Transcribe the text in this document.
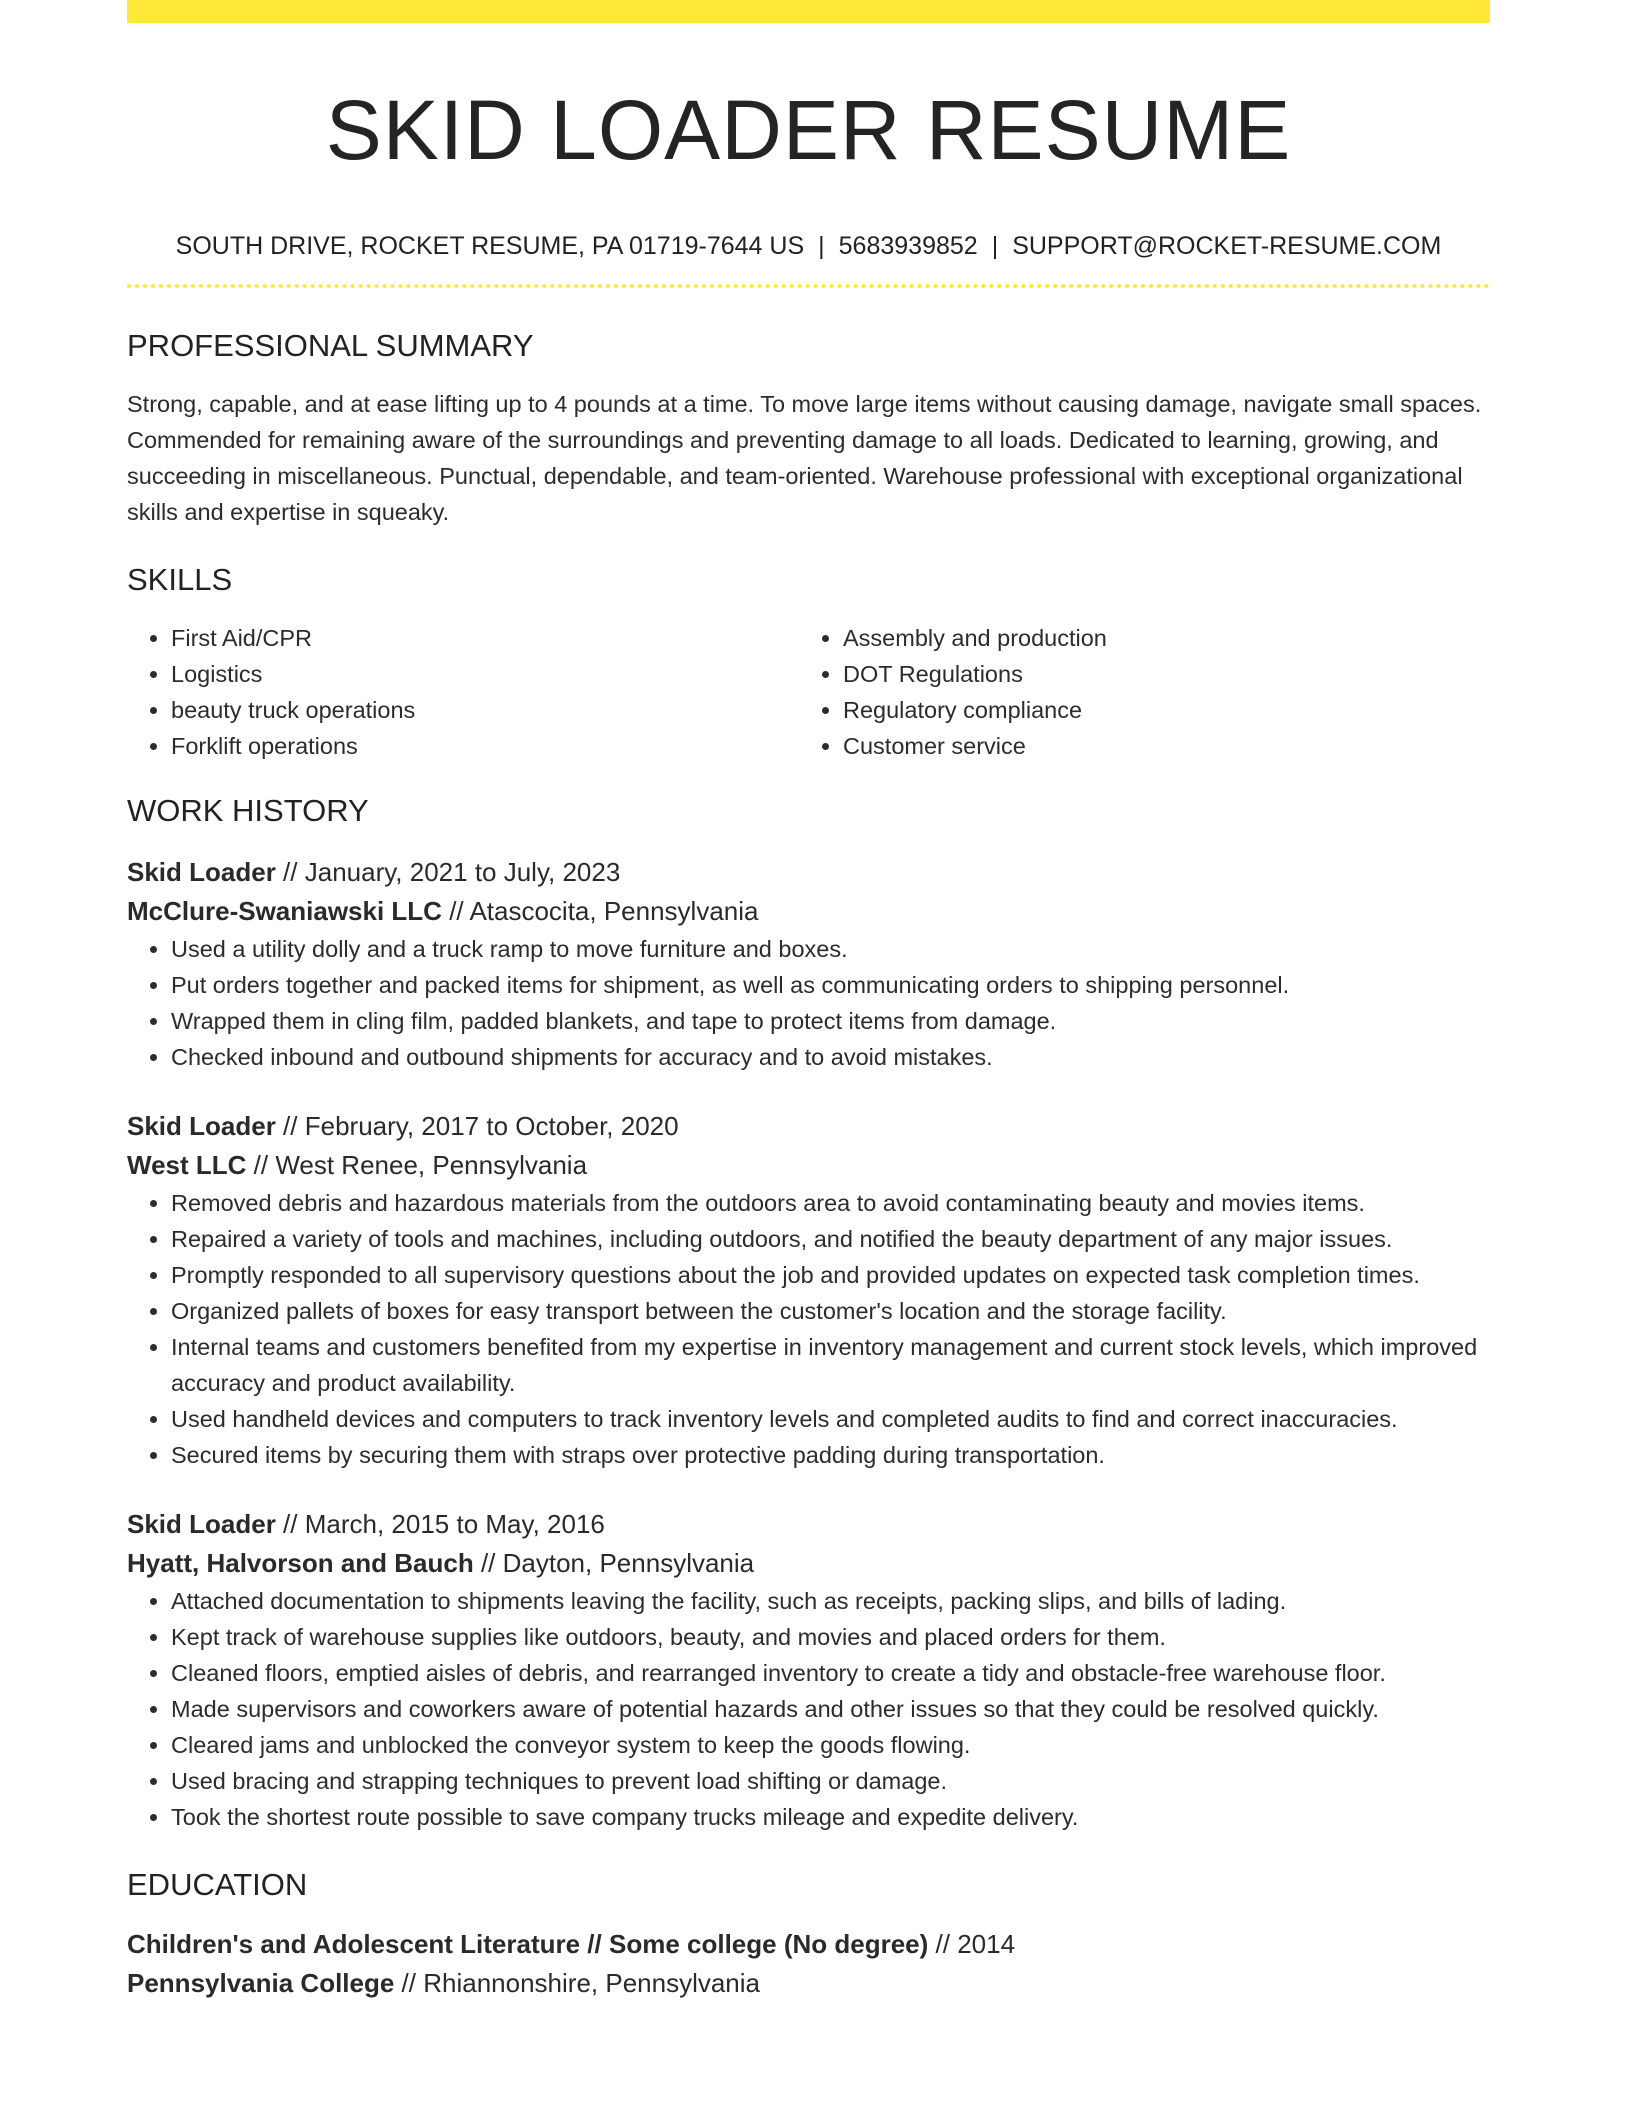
SKID LOADER RESUME
SOUTH DRIVE, ROCKET RESUME, PA 01719-7644 US | 5683939852 | SUPPORT@ROCKET-RESUME.COM
PROFESSIONAL SUMMARY

Strong, capable, and at ease lifting up to 4 pounds at a time. To move large items without causing damage, navigate small spaces. Commended for remaining aware of the surroundings and preventing damage to all loads. Dedicated to learning, growing, and succeeding in miscellaneous. Punctual, dependable, and team-oriented. Warehouse professional with exceptional organizational skills and expertise in squeaky.

SKILLS
• First Aid/CPR
• Logistics
• beauty truck operations
• Forklift operations
• Assembly and production
• DOT Regulations
• Regulatory compliance
• Customer service
WORK HISTORY
Skid Loader // January, 2021 to July, 2023
McClure-Swaniawski LLC // Atascocita, Pennsylvania
• Used a utility dolly and a truck ramp to move furniture and boxes.
• Put orders together and packed items for shipment, as well as communicating orders to shipping personnel.
• Wrapped them in cling film, padded blankets, and tape to protect items from damage.
• Checked inbound and outbound shipments for accuracy and to avoid mistakes.
Skid Loader // February, 2017 to October, 2020
West LLC // West Renee, Pennsylvania
• Removed debris and hazardous materials from the outdoors area to avoid contaminating beauty and movies items.
• Repaired a variety of tools and machines, including outdoors, and notified the beauty department of any major issues.
• Promptly responded to all supervisory questions about the job and provided updates on expected task completion times.
• Organized pallets of boxes for easy transport between the customer's location and the storage facility.
• Internal teams and customers benefited from my expertise in inventory management and current stock levels, which improved accuracy and product availability.
• Used handheld devices and computers to track inventory levels and completed audits to find and correct inaccuracies.
• Secured items by securing them with straps over protective padding during transportation.
Skid Loader // March, 2015 to May, 2016
Hyatt, Halvorson and Bauch // Dayton, Pennsylvania
• Attached documentation to shipments leaving the facility, such as receipts, packing slips, and bills of lading.
• Kept track of warehouse supplies like outdoors, beauty, and movies and placed orders for them.
• Cleaned floors, emptied aisles of debris, and rearranged inventory to create a tidy and obstacle-free warehouse floor.
• Made supervisors and coworkers aware of potential hazards and other issues so that they could be resolved quickly.
• Cleared jams and unblocked the conveyor system to keep the goods flowing.
• Used bracing and strapping techniques to prevent load shifting or damage.
• Took the shortest route possible to save company trucks mileage and expedite delivery.
EDUCATION
Children's and Adolescent Literature // Some college (No degree) // 2014
Pennsylvania College // Rhiannonshire, Pennsylvania
